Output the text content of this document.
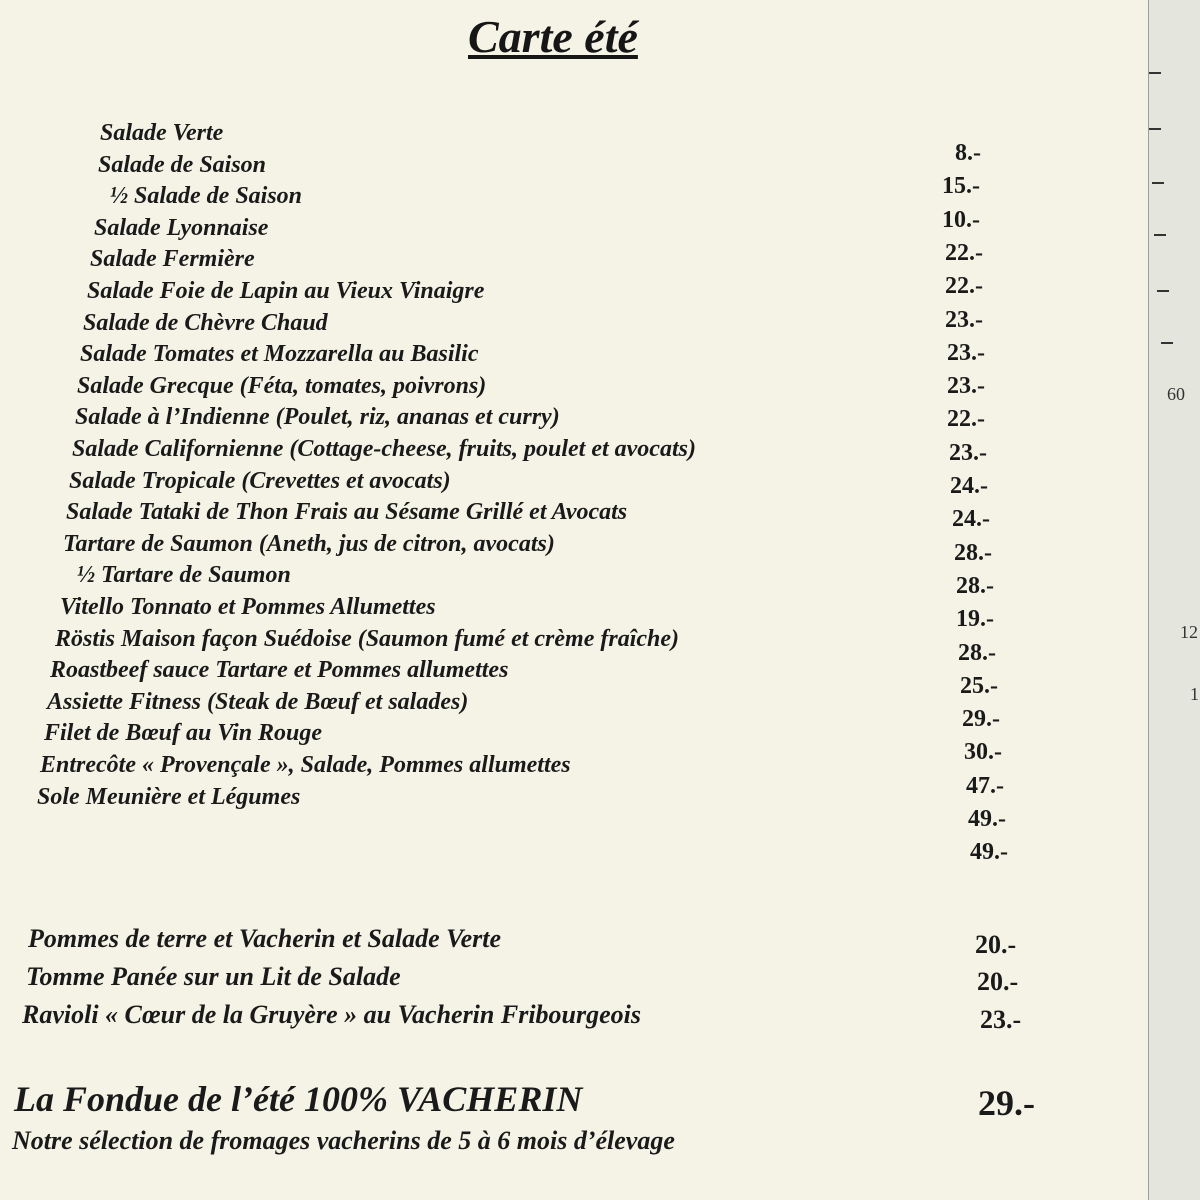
Carte été
Salade Verte
8.-
Salade de Saison
15.-
½ Salade de Saison
10.-
Salade Lyonnaise
22.-
Salade Fermière
22.-
Salade Foie de Lapin au Vieux Vinaigre
23.-
Salade de Chèvre Chaud
23.-
Salade Tomates et Mozzarella au Basilic
23.-
Salade Grecque (Féta, tomates, poivrons)
22.-
Salade à l’Indienne (Poulet, riz, ananas et curry)
23.-
Salade Californienne (Cottage-cheese, fruits, poulet et avocats)
24.-
Salade Tropicale (Crevettes et avocats)
24.-
Salade Tataki de Thon Frais au Sésame Grillé et Avocats
28.-
Tartare de Saumon (Aneth, jus de citron, avocats)
28.-
½ Tartare de Saumon
19.-
Vitello Tonnato et Pommes Allumettes
28.-
Röstis Maison façon Suédoise (Saumon fumé et crème fraîche)
25.-
Roastbeef sauce Tartare et Pommes allumettes
29.-
Assiette Fitness (Steak de Bœuf et salades)
30.-
Filet de Bœuf au Vin Rouge
47.-
Entrecôte « Provençale », Salade, Pommes allumettes
49.-
Sole Meunière et Légumes
49.-
Pommes de terre et Vacherin et Salade Verte	20.-
Tomme Panée sur un Lit de Salade	20.-
Ravioli « Cœur de la Gruyère » au Vacherin Fribourgeois	23.-
La Fondue de l’été 100% VACHERIN	29.-
Notre sélection de fromages vacherins de 5 à 6 mois d’élevage
60
12
1
